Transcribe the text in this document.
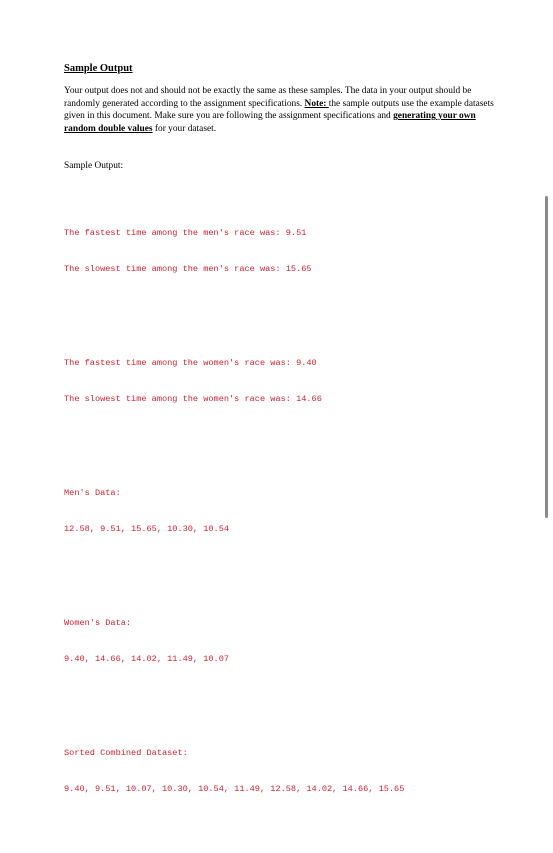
Sample Output

Your output does not and should not be exactly the same as these samples. The data in your output should be randomly generated according to the assignment specifications. Note: the sample outputs use the example datasets given in this document. Make sure you are following the assignment specifications and generating your own random double values for your dataset.

Sample Output:

The fastest time among the men's race was: 9.51

The slowest time among the men's race was: 15.65

The fastest time among the women's race was: 9.40

The slowest time among the women's race was: 14.66

Men's Data:

12.58, 9.51, 15.65, 10.30, 10.54

Women's Data:

9.40, 14.66, 14.02, 11.49, 10.07

Sorted Combined Dataset:

9.40, 9.51, 10.07, 10.30, 10.54, 11.49, 12.58, 14.02, 14.66, 15.65
